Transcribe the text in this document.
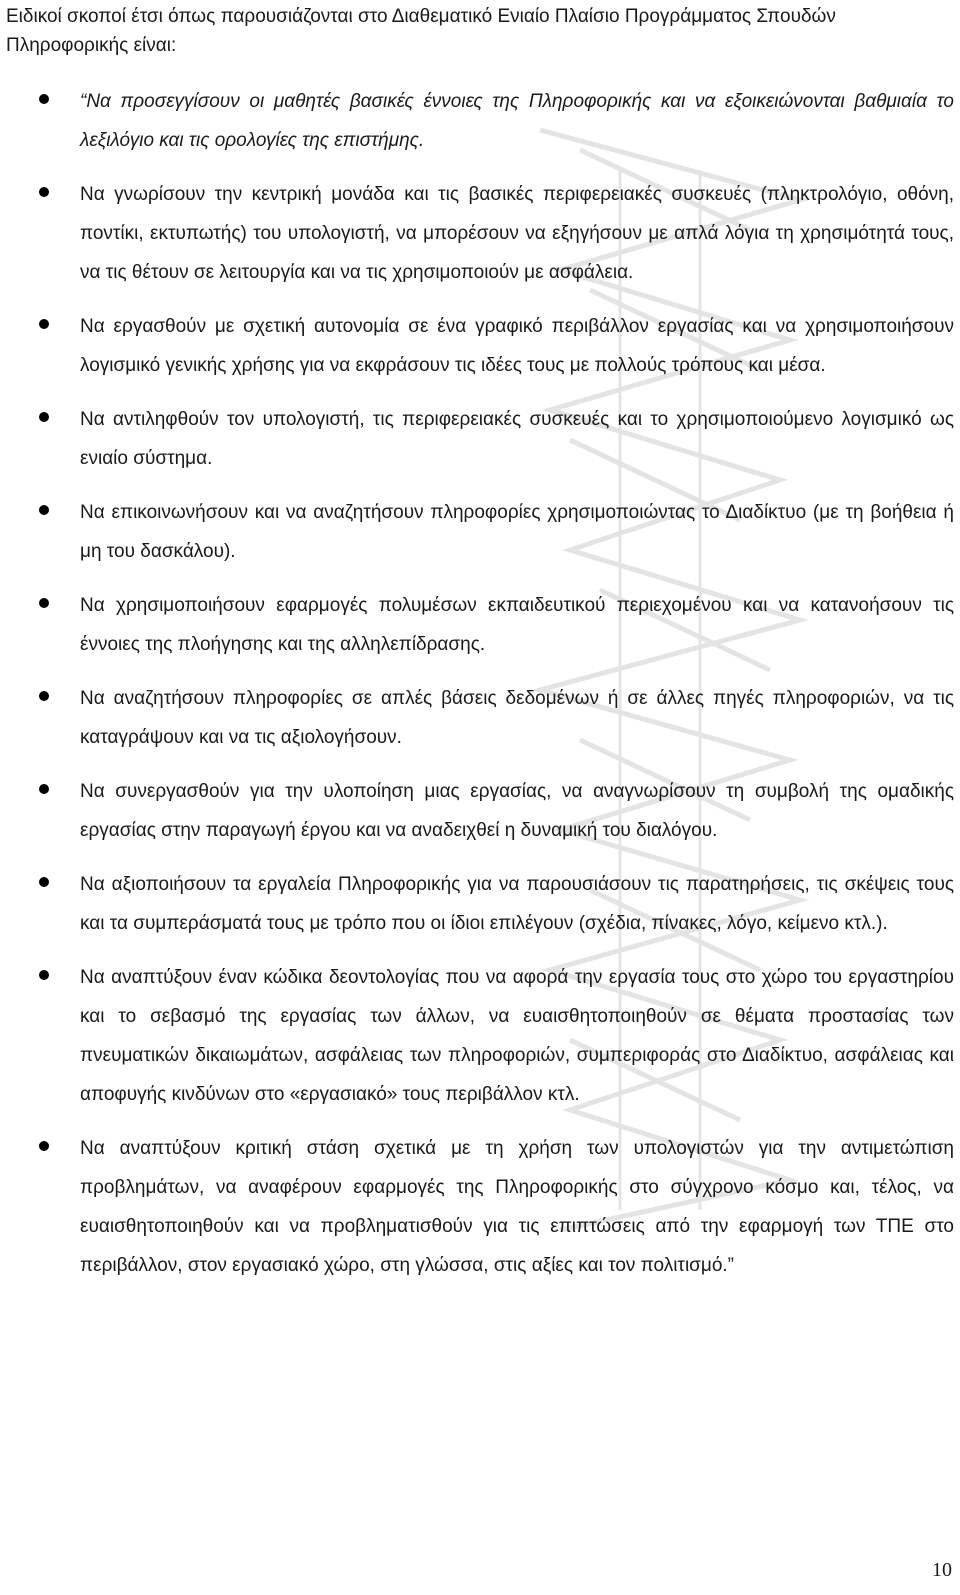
Ειδικοί σκοποί έτσι όπως παρουσιάζονται στο Διαθεματικό Ενιαίο Πλαίσιο Προγράμματος Σπουδών Πληροφορικής είναι:
“Να προσεγγίσουν οι μαθητές βασικές έννοιες της Πληροφορικής και να εξοικειώνονται βαθμιαία το λεξιλόγιο και τις ορολογίες της επιστήμης.
Να γνωρίσουν την κεντρική μονάδα και τις βασικές περιφερειακές συσκευές (πληκτρολόγιο, οθόνη, ποντίκι, εκτυπωτής) του υπολογιστή, να μπορέσουν να εξηγήσουν με απλά λόγια τη χρησιμότητά τους, να τις θέτουν σε λειτουργία και να τις χρησιμοποιούν με ασφάλεια.
Να εργασθούν με σχετική αυτονομία σε ένα γραφικό περιβάλλον εργασίας και να χρησιμοποιήσουν λογισμικό γενικής χρήσης για να εκφράσουν τις ιδέες τους με πολλούς τρόπους και μέσα.
Να αντιληφθούν τον υπολογιστή, τις περιφερειακές συσκευές και το χρησιμοποιούμενο λογισμικό ως ενιαίο σύστημα.
Να επικοινωνήσουν και να αναζητήσουν πληροφορίες χρησιμοποιώντας το Διαδίκτυο (με τη βοήθεια ή μη του δασκάλου).
Να χρησιμοποιήσουν εφαρμογές πολυμέσων εκπαιδευτικού περιεχομένου και να κατανοήσουν τις έννοιες της πλοήγησης και της αλληλεπίδρασης.
Να αναζητήσουν πληροφορίες σε απλές βάσεις δεδομένων ή σε άλλες πηγές πληροφοριών, να τις καταγράψουν και να τις αξιολογήσουν.
Να συνεργασθούν για την υλοποίηση μιας εργασίας, να αναγνωρίσουν τη συμβολή της ομαδικής εργασίας στην παραγωγή έργου και να αναδειχθεί η δυναμική του διαλόγου.
Να αξιοποιήσουν τα εργαλεία Πληροφορικής για να παρουσιάσουν τις παρατηρήσεις, τις σκέψεις τους και τα συμπεράσματά τους με τρόπο που οι ίδιοι επιλέγουν (σχέδια, πίνακες, λόγο, κείμενο κτλ.).
Να αναπτύξουν έναν κώδικα δεοντολογίας που να αφορά την εργασία τους στο χώρο του εργαστηρίου και το σεβασμό της εργασίας των άλλων, να ευαισθητοποιηθούν σε θέματα προστασίας των πνευματικών δικαιωμάτων, ασφάλειας των πληροφοριών, συμπεριφοράς στο Διαδίκτυο, ασφάλειας και αποφυγής κινδύνων στο «εργασιακό» τους περιβάλλον κτλ.
Να αναπτύξουν κριτική στάση σχετικά με τη χρήση των υπολογιστών για την αντιμετώπιση προβλημάτων, να αναφέρουν εφαρμογές της Πληροφορικής στο σύγχρονο κόσμο και, τέλος, να ευαισθητοποιηθούν και να προβληματισθούν για τις επιπτώσεις από την εφαρμογή των ΤΠΕ στο περιβάλλον, στον εργασιακό χώρο, στη γλώσσα, στις αξίες και τον πολιτισμό.”
10
